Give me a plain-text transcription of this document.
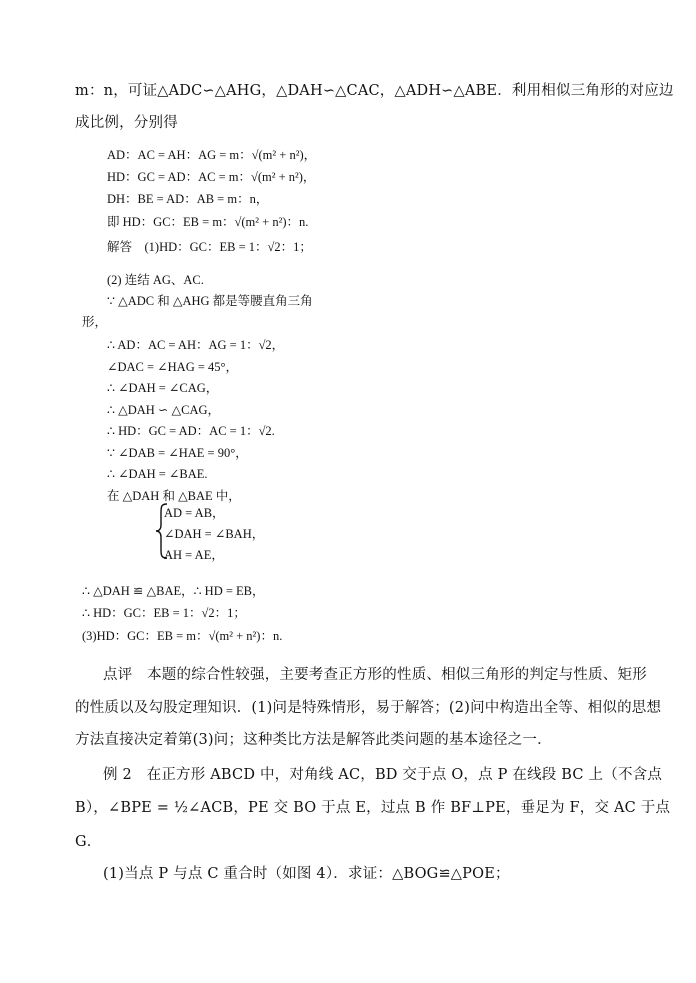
m：n，可证△ADC∽△AHG，△DAH∽△CAC，△ADH∽△ABE．利用相似三角形的对应边
成比例，分别得
AD：AC = AH：AG = m：√(m² + n²)，
HD：GC = AD：AC = m：√(m² + n²)，
DH：BE = AD：AB = m：n，
即 HD：GC：EB = m：√(m² + n²)：n.
解答　(1)HD：GC：EB = 1：√2：1；
(2) 连结 AG、AC.
∵ △ADC 和 △AHG 都是等腰直角三角
形，
∴ AD：AC = AH：AG = 1：√2，
∠DAC = ∠HAG = 45°，
∴ ∠DAH = ∠CAG，
∴ △DAH ∽ △CAG，
∴ HD：GC = AD：AC = 1：√2.
∵ ∠DAB = ∠HAE = 90°，
∴ ∠DAH = ∠BAE.
在 △DAH 和 △BAE 中，
AD = AB，
∠DAH = ∠BAH，
AH = AE，
∴ △DAH ≌ △BAE，∴ HD = EB，
∴ HD：GC：EB = 1：√2：1；
(3)HD：GC：EB = m：√(m² + n²)：n.
点评　本题的综合性较强，主要考查正方形的性质、相似三角形的判定与性质、矩形
的性质以及勾股定理知识．(1)问是特殊情形，易于解答；(2)问中构造出全等、相似的思想
方法直接决定着第(3)问；这种类比方法是解答此类问题的基本途径之一．
例 2　在正方形 ABCD 中，对角线 AC，BD 交于点 O，点 P 在线段 BC 上（不含点
B），∠BPE = ½∠ACB，PE 交 BO 于点 E，过点 B 作 BF⊥PE，垂足为 F，交 AC 于点
G．
(1)当点 P 与点 C 重合时（如图 4）．求证：△BOG≌△POE；
